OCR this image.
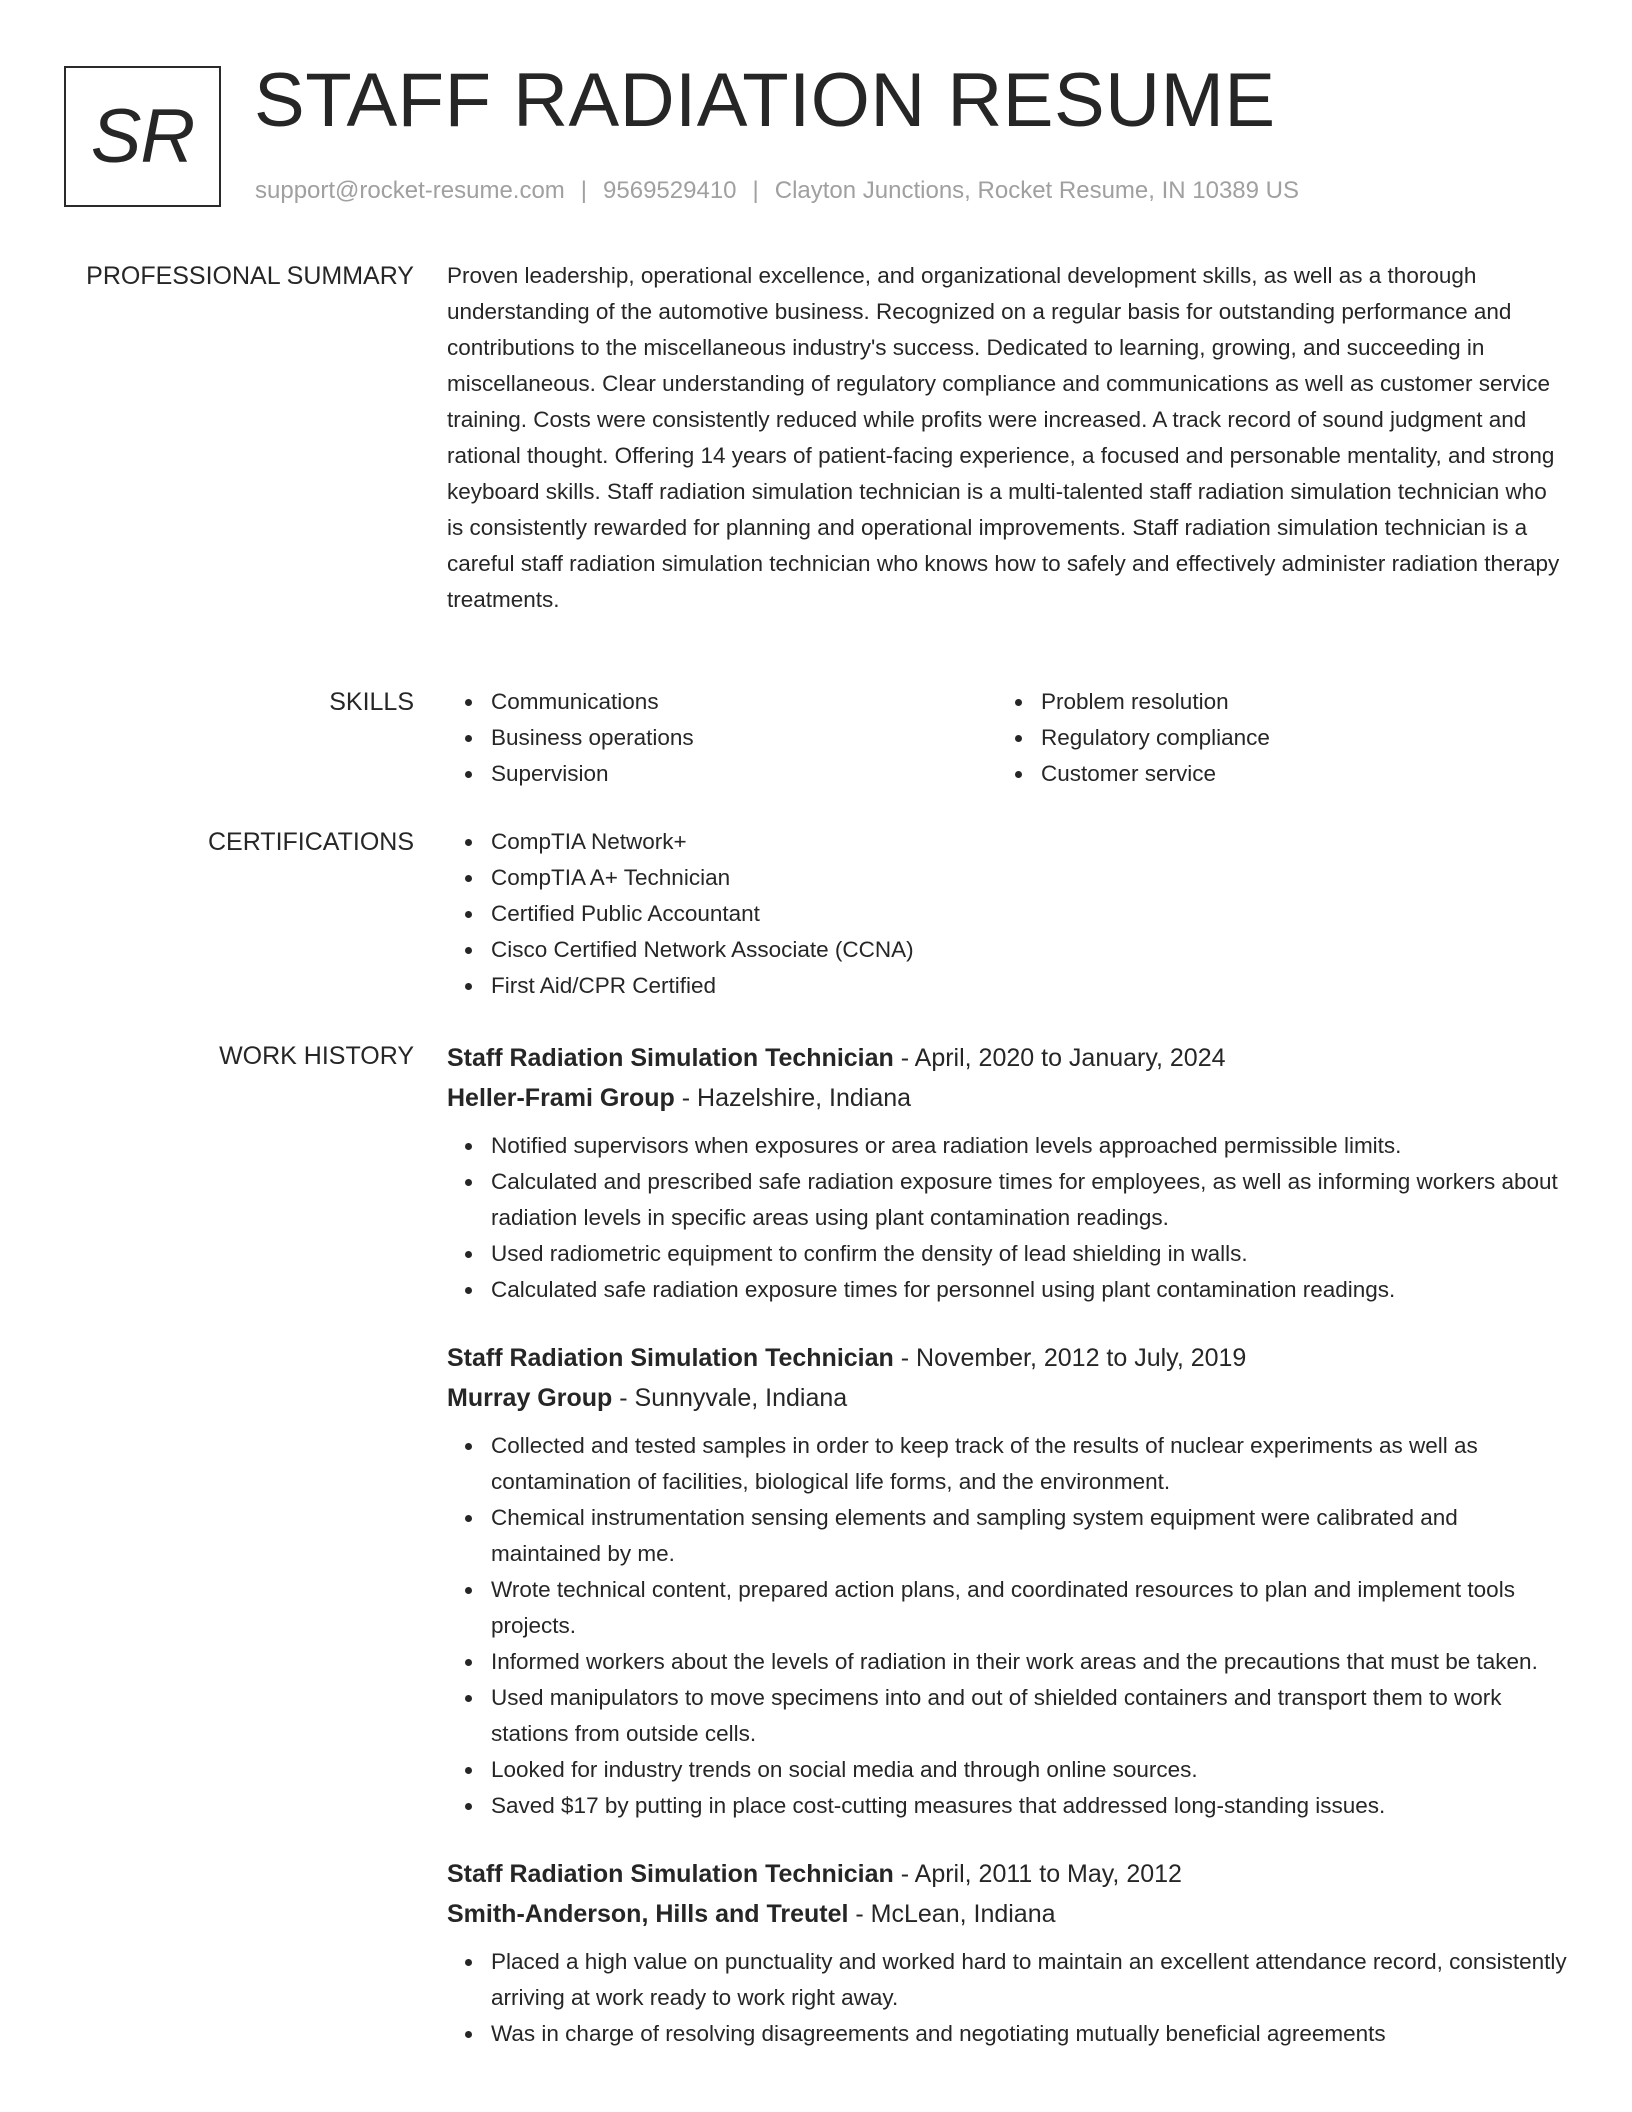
SR STAFF RADIATION RESUME
support@rocket-resume.com | 9569529410 | Clayton Junctions, Rocket Resume, IN 10389 US
PROFESSIONAL SUMMARY Proven leadership, operational excellence, and organizational development skills, as well as a thorough understanding of the automotive business. Recognized on a regular basis for outstanding performance and contributions to the miscellaneous industry's success. Dedicated to learning, growing, and succeeding in miscellaneous. Clear understanding of regulatory compliance and communications as well as customer service training. Costs were consistently reduced while profits were increased. A track record of sound judgment and rational thought. Offering 14 years of patient-facing experience, a focused and personable mentality, and strong keyboard skills. Staff radiation simulation technician is a multi-talented staff radiation simulation technician who is consistently rewarded for planning and operational improvements. Staff radiation simulation technician is a careful staff radiation simulation technician who knows how to safely and effectively administer radiation therapy treatments.

SKILLS	Communications
Business operations
Supervision
Problem resolution
Regulatory compliance
Customer service
CERTIFICATIONS	CompTIA Network+
CompTIA A+ Technician
Certified Public Accountant
Cisco Certified Network Associate (CCNA)
First Aid/CPR Certified
WORK HISTORY Staff Radiation Simulation Technician - April, 2020 to January, 2024
Heller-Frami Group - Hazelshire, Indiana
Notified supervisors when exposures or area radiation levels approached permissible limits.
Calculated and prescribed safe radiation exposure times for employees, as well as informing workers about radiation levels in specific areas using plant contamination readings.
Used radiometric equipment to confirm the density of lead shielding in walls.
Calculated safe radiation exposure times for personnel using plant contamination readings.
Staff Radiation Simulation Technician - November, 2012 to July, 2019
Murray Group - Sunnyvale, Indiana
Collected and tested samples in order to keep track of the results of nuclear experiments as well as contamination of facilities, biological life forms, and the environment.
Chemical instrumentation sensing elements and sampling system equipment were calibrated and maintained by me.
Wrote technical content, prepared action plans, and coordinated resources to plan and implement tools projects.
Informed workers about the levels of radiation in their work areas and the precautions that must be taken.
Used manipulators to move specimens into and out of shielded containers and transport them to work stations from outside cells.
Looked for industry trends on social media and through online sources.
Saved $17 by putting in place cost-cutting measures that addressed long-standing issues.
Staff Radiation Simulation Technician - April, 2011 to May, 2012
Smith-Anderson, Hills and Treutel - McLean, Indiana
Placed a high value on punctuality and worked hard to maintain an excellent attendance record, consistently arriving at work ready to work right away.
Was in charge of resolving disagreements and negotiating mutually beneficial agreements
